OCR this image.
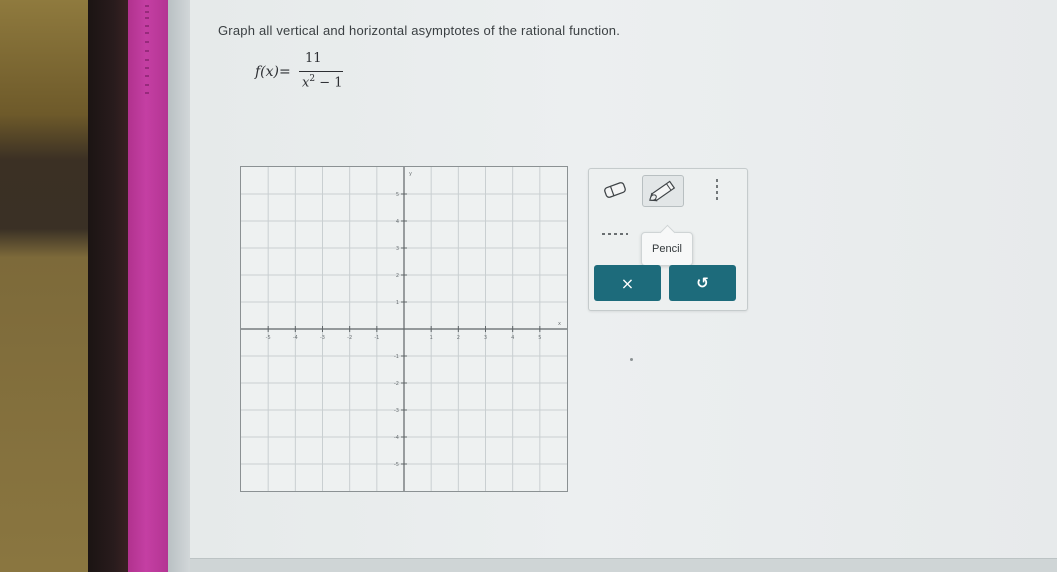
Graph all vertical and horizontal asymptotes of the rational function.
f(x)=
11
$x^2 - 1$
-5	-4	-3	-2	-1	1	2	3	4	5
5
4
3
2
1
-1
-2
-3
-4
-5
x
y
Pencil
×	↺
